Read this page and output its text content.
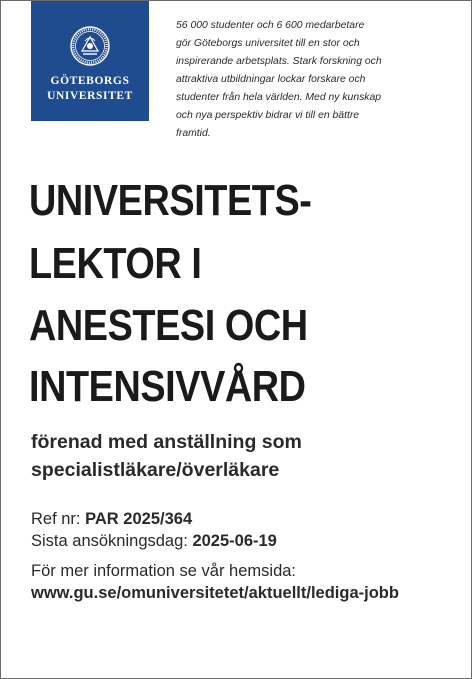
GÖTEBORGS
UNIVERSITET
56 000 studenter och 6 600 medarbetare
gör Göteborgs universitet till en stor och
inspirerande arbetsplats. Stark forskning och
attraktiva utbildningar lockar forskare och
studenter från hela världen. Med ny kunskap
och nya perspektiv bidrar vi till en bättre
framtid.
UNIVERSITETS-
LEKTOR I
ANESTESI OCH
INTENSIVVÅRD
förenad med anställning som
specialistläkare/överläkare
Ref nr: PAR 2025/364
Sista ansökningsdag: 2025-06-19
För mer information se vår hemsida:
www.gu.se/omuniversitetet/aktuellt/lediga-jobb
